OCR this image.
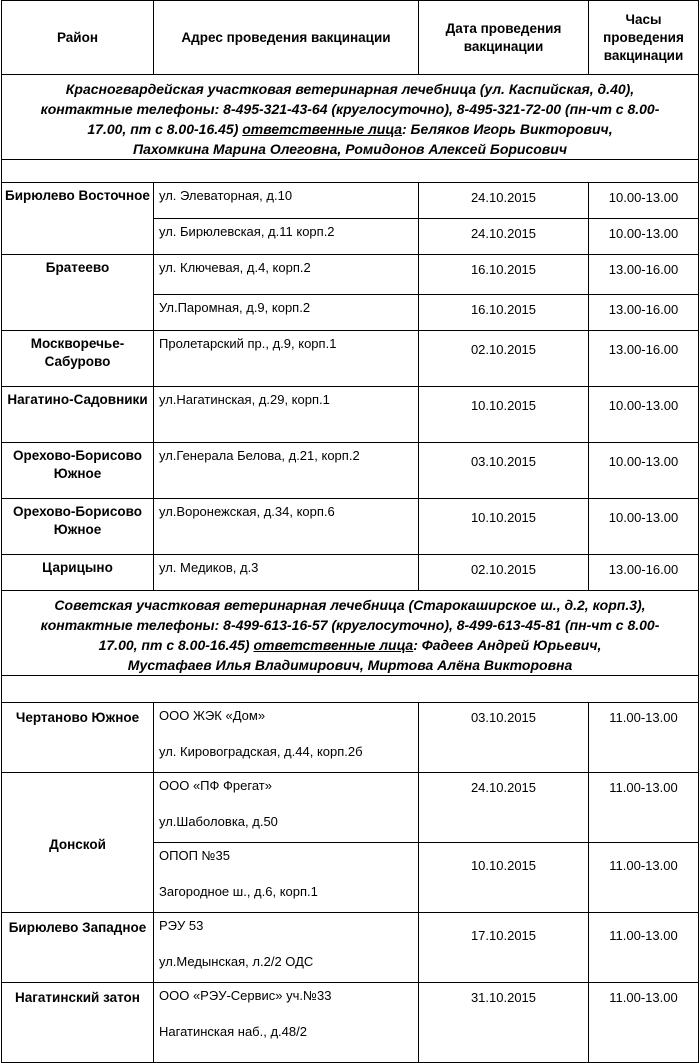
Район	Адрес проведения вакцинации	Дата проведения вакцинации	Часы проведения вакцинации

Красногвардейская участковая ветеринарная лечебница (ул. Каспийская, д.40),
контактные телефоны: 8-495-321-43-64 (круглосуточно), 8-495-321-72-00 (пн-чт с 8.00-
17.00, пт с 8.00-16.45) ответственные лица: Беляков Игорь Викторович,
Пахомкина Марина Олеговна, Ромидонов Алексей Борисович			

Бирюлево Восточное	ул. Элеваторная, д.10	24.10.2015	10.00-13.00
	ул. Бирюлевская, д.11 корп.2	24.10.2015	10.00-13.00
Братеево	ул. Ключевая, д.4, корп.2	16.10.2015	13.00-16.00
	Ул.Паромная, д.9, корп.2	16.10.2015	13.00-16.00
Москворечье-Сабурово	Пролетарский пр., д.9, корп.1	02.10.2015	13.00-16.00
Нагатино-Садовники	ул.Нагатинская, д.29, корп.1	10.10.2015	10.00-13.00
Орехово-Борисово Южное	ул.Генерала Белова, д.21, корп.2	03.10.2015	10.00-13.00
Орехово-Борисово Южное	ул.Воронежская, д.34, корп.6	10.10.2015	10.00-13.00
Царицыно	ул. Медиков, д.3	02.10.2015	13.00-16.00

Советская участковая ветеринарная лечебница (Старокаширское ш., д.2, корп.3),
контактные телефоны: 8-499-613-16-57 (круглосуточно), 8-499-613-45-81 (пн-чт с 8.00-
17.00, пт с 8.00-16.45) ответственные лица: Фадеев Андрей Юрьевич,
Мустафаев Илья Владимирович, Миртова Алёна Викторовна			

Чертаново Южное	ООО ЖЭК «Дом»
ул. Кировоградская, д.44, корп.2б	03.10.2015	11.00-13.00
Донской	ООО «ПФ Фрегат»
ул.Шаболовка, д.50	24.10.2015	11.00-13.00

	ОПОП №35
Загородное ш., д.6, корп.1	10.10.2015	11.00-13.00
Бирюлево Западное	РЭУ 53
ул.Медынская, л.2/2 ОДС	17.10.2015	11.00-13.00
Нагатинский затон	ООО «РЭУ-Сервис» уч.№33
Нагатинская наб., д.48/2	31.10.2015	11.00-13.00
